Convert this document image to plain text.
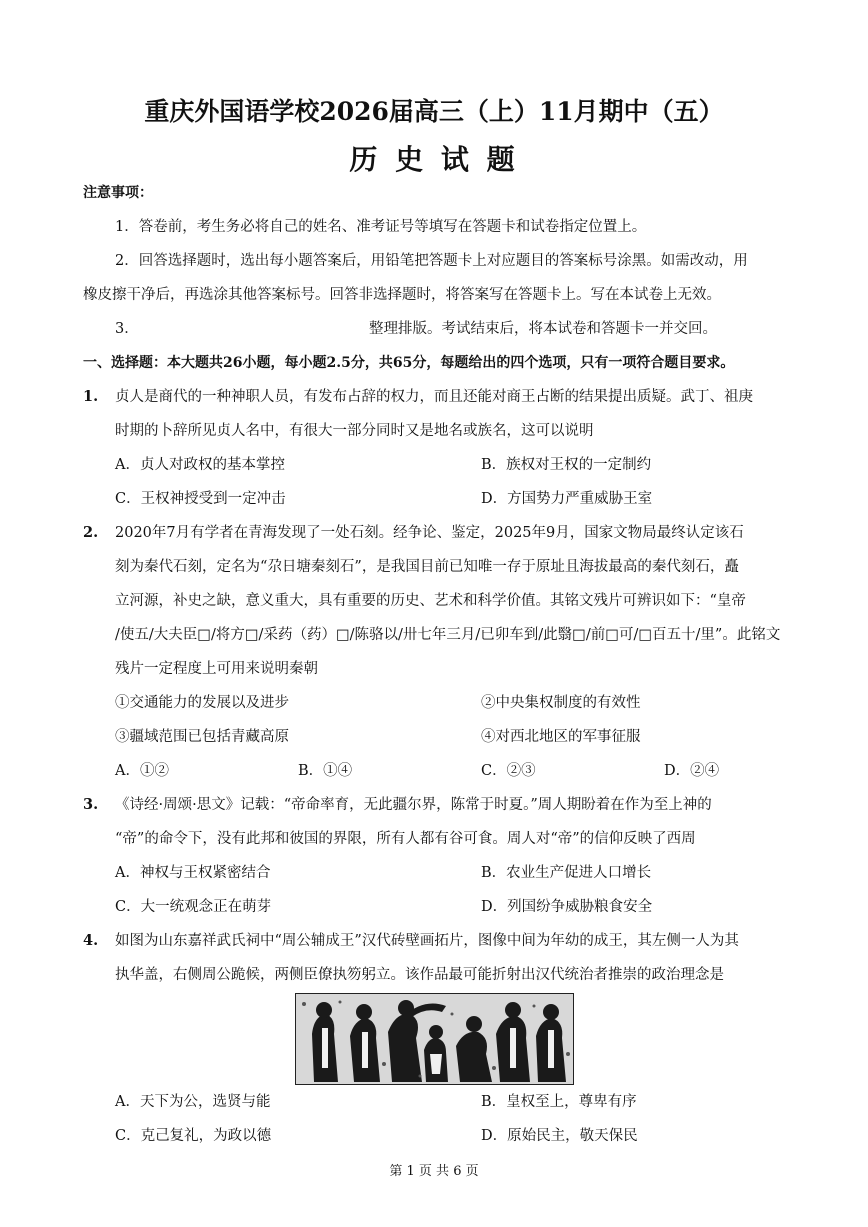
重庆外国语学校2026届高三（上）11月期中（五）
历 史 试 题
注意事项：
1．答卷前，考生务必将自己的姓名、准考证号等填写在答题卡和试卷指定位置上。
2．回答选择题时，选出每小题答案后，用铅笔把答题卡上对应题目的答案标号涂黑。如需改动，用
橡皮擦干净后，再选涂其他答案标号。回答非选择题时，将答案写在答题卡上。写在本试卷上无效。
3．	整理排版。考试结束后，将本试卷和答题卡一并交回。
一、选择题：本大题共26小题，每小题2.5分，共65分，每题给出的四个选项，只有一项符合题目要求。
1. 贞人是商代的一种神职人员，有发布占辞的权力，而且还能对商王占断的结果提出质疑。武丁、祖庚
时期的卜辞所见贞人名中，有很大一部分同时又是地名或族名，这可以说明
A．贞人对政权的基本掌控	B．族权对王权的一定制约
C．王权神授受到一定冲击	D．方国势力严重威胁王室
2. 2020年7月有学者在青海发现了一处石刻。经争论、鉴定，2025年9月，国家文物局最终认定该石
刻为秦代石刻，定名为“尕日塘秦刻石”，是我国目前已知唯一存于原址且海拔最高的秦代刻石，矗
立河源，补史之缺，意义重大，具有重要的历史、艺术和科学价值。其铭文残片可辨识如下：“皇帝
/使五/大夫臣□/将方□/采药（药）□/陈骆以/卅七年三月/已卯车到/此翳□/前□可/□百五十/里”。此铭文
残片一定程度上可用来说明秦朝
①交通能力的发展以及进步	②中央集权制度的有效性
③疆域范围已包括青藏高原	④对西北地区的军事征服
A．①②	B．①④	C．②③	D．②④
3. 《诗经·周颂·思文》记载：“帝命率育，无此疆尔界，陈常于时夏。”周人期盼着在作为至上神的
“帝”的命令下，没有此邦和彼国的界限，所有人都有谷可食。周人对“帝”的信仰反映了西周
A．神权与王权紧密结合	B．农业生产促进人口增长
C．大一统观念正在萌芽	D．列国纷争威胁粮食安全
4. 如图为山东嘉祥武氏祠中“周公辅成王”汉代砖壁画拓片，图像中间为年幼的成王，其左侧一人为其
执华盖，右侧周公跪候，两侧臣僚执笏躬立。该作品最可能折射出汉代统治者推崇的政治理念是
A．天下为公，选贤与能	B．皇权至上，尊卑有序
C．克己复礼，为政以德	D．原始民主，敬天保民
第 1 页 共 6 页
